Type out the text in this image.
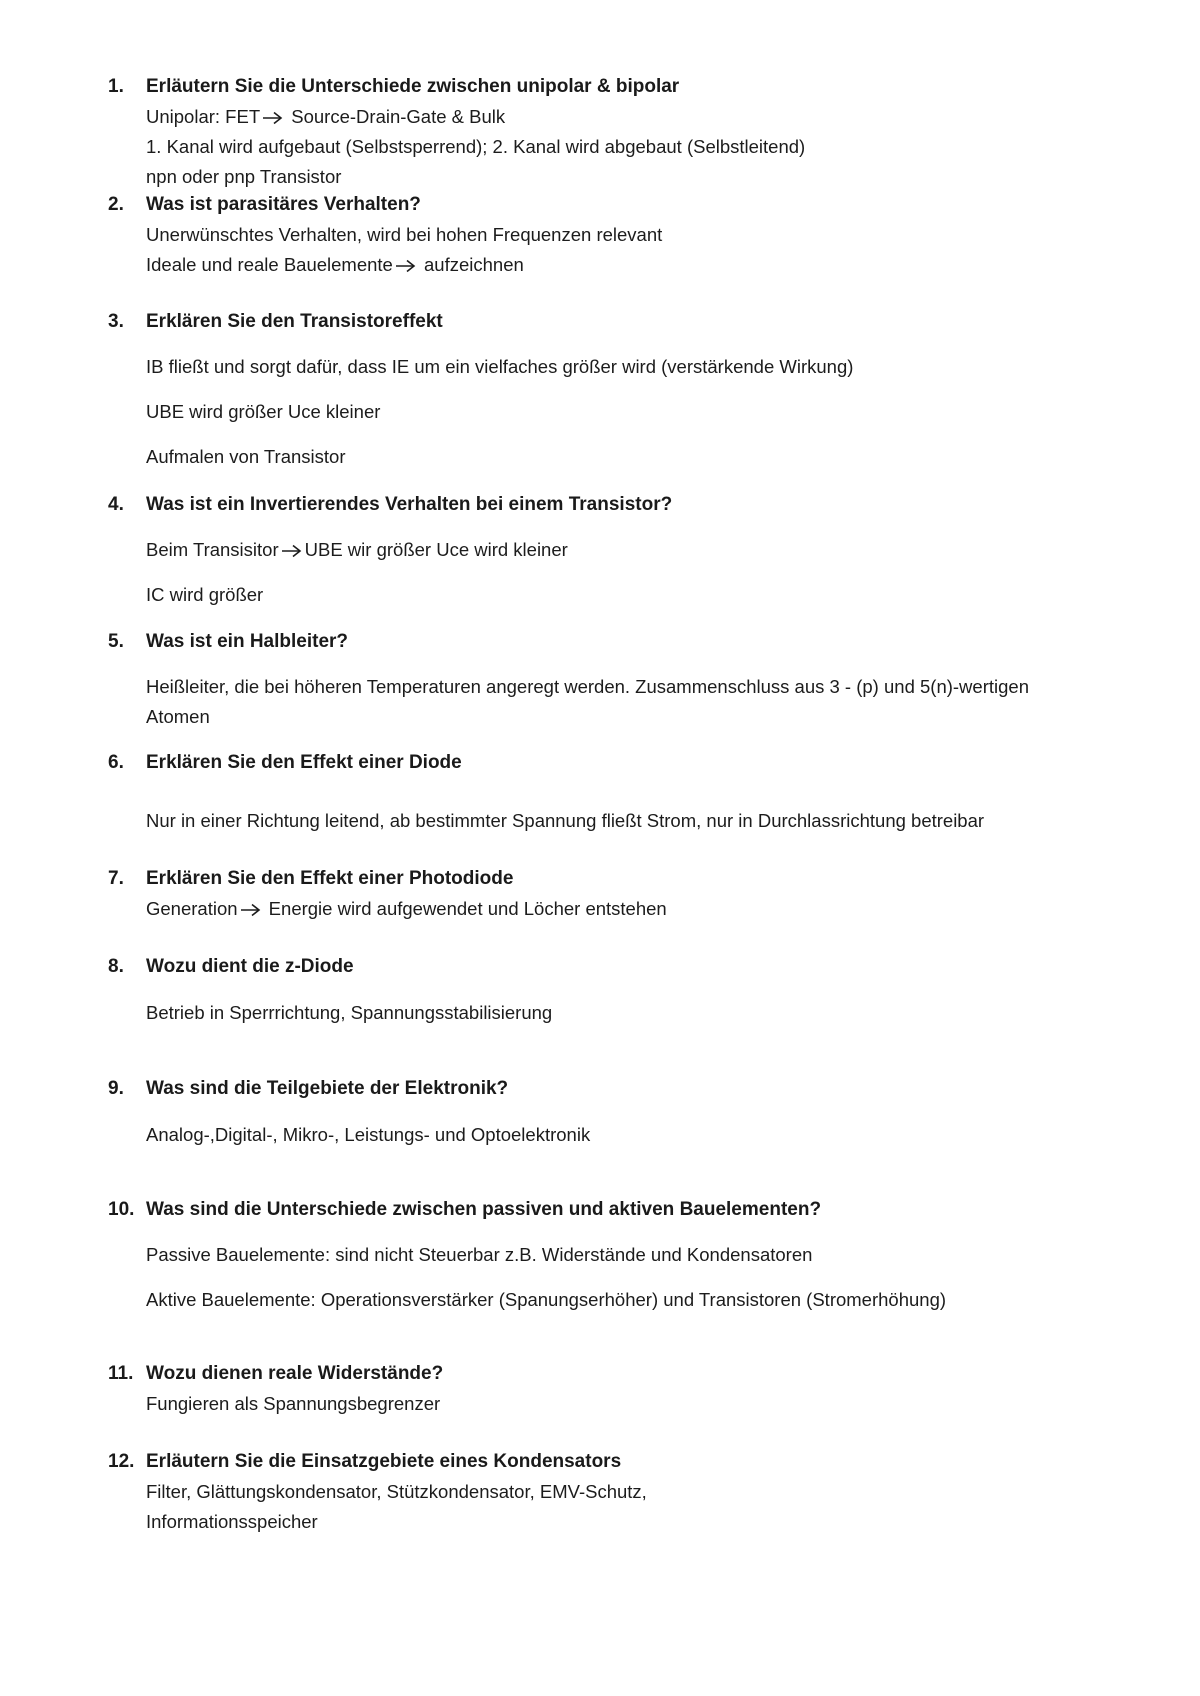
1.	Erläutern Sie die Unterschiede zwischen unipolar & bipolar
Unipolar: FET Source-Drain-Gate & Bulk
1. Kanal wird aufgebaut (Selbstsperrend); 2. Kanal wird abgebaut (Selbstleitend)
npn oder pnp Transistor
2.	Was ist parasitäres Verhalten?
Unerwünschtes Verhalten, wird bei hohen Frequenzen relevant
Ideale und reale Bauelemente aufzeichnen
3.	Erklären Sie den Transistoreffekt
IB fließt und sorgt dafür, dass IE um ein vielfaches größer wird (verstärkende Wirkung)
UBE wird größer Uce kleiner
Aufmalen von Transistor
4.	Was ist ein Invertierendes Verhalten bei einem Transistor?
Beim Transisitor UBE wir größer Uce wird kleiner
IC wird größer
5.	Was ist ein Halbleiter?
Heißleiter, die bei höheren Temperaturen angeregt werden. Zusammenschluss aus 3 - (p) und 5(n)-wertigen Atomen
6.	Erklären Sie den Effekt einer Diode
Nur in einer Richtung leitend, ab bestimmter Spannung fließt Strom, nur in Durchlassrichtung betreibar
7.	Erklären Sie den Effekt einer Photodiode
Generation Energie wird aufgewendet und Löcher entstehen
8.	Wozu dient die z-Diode
Betrieb in Sperrrichtung, Spannungsstabilisierung
9.	Was sind die Teilgebiete der Elektronik?
Analog-,Digital-, Mikro-, Leistungs- und Optoelektronik
10. Was sind die Unterschiede zwischen passiven und aktiven Bauelementen?
Passive Bauelemente: sind nicht Steuerbar z.B. Widerstände und Kondensatoren
Aktive Bauelemente: Operationsverstärker (Spanungserhöher) und Transistoren (Stromerhöhung)
11. Wozu dienen reale Widerstände?
Fungieren als Spannungsbegrenzer
12. Erläutern Sie die Einsatzgebiete eines Kondensators
Filter, Glättungskondensator, Stützkondensator, EMV-Schutz,
Informationsspeicher
